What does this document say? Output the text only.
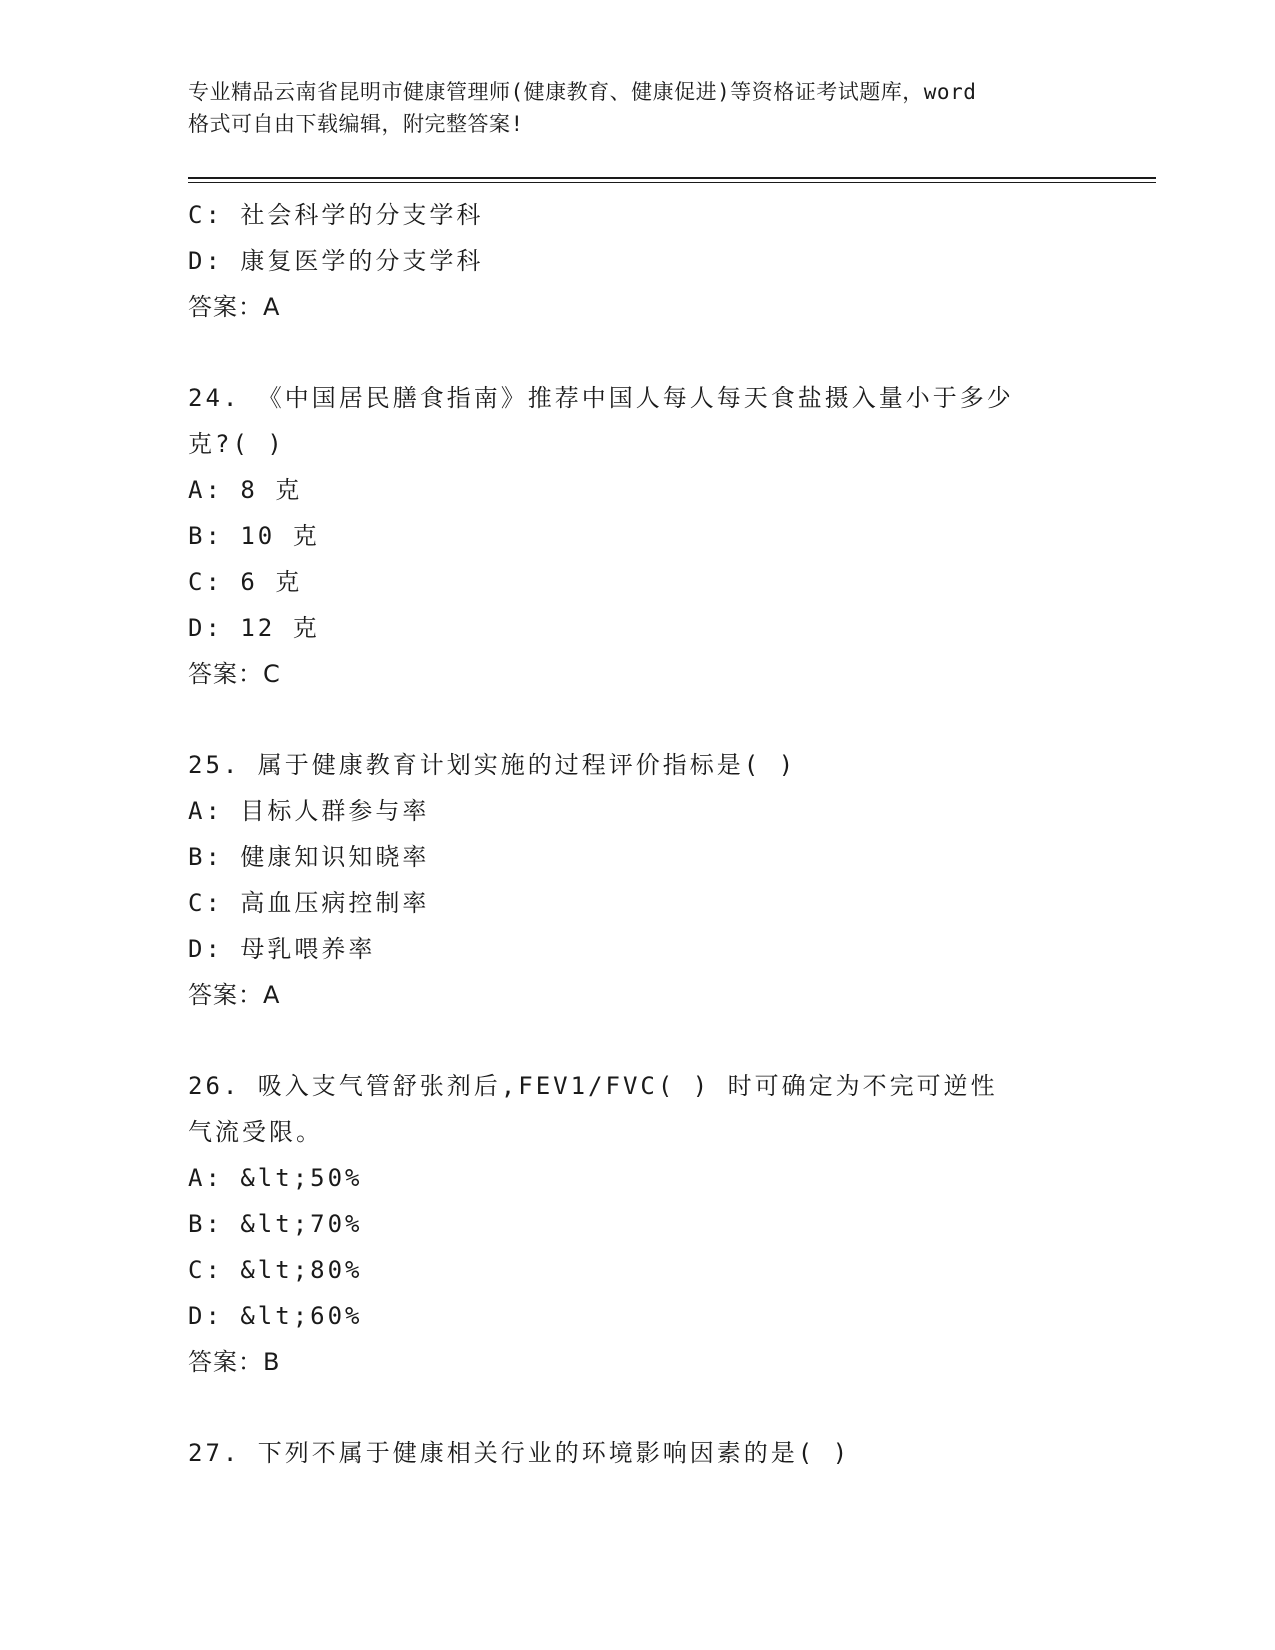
专业精品云南省昆明市健康管理师(健康教育、健康促进)等资格证考试题库，word
格式可自由下载编辑，附完整答案!
C: 社会科学的分支学科
D: 康复医学的分支学科
答案：A
24. 《中国居民膳食指南》推荐中国人每人每天食盐摄入量小于多少
克?( )
A: 8 克
B: 10 克
C: 6 克
D: 12 克
答案：C
25. 属于健康教育计划实施的过程评价指标是( )
A: 目标人群参与率
B: 健康知识知晓率
C: 高血压病控制率
D: 母乳喂养率
答案：A
26. 吸入支气管舒张剂后,FEV1/FVC( ) 时可确定为不完可逆性
气流受限。
A: &lt;50%
B: &lt;70%
C: &lt;80%
D: &lt;60%
答案：B
27. 下列不属于健康相关行业的环境影响因素的是( )
